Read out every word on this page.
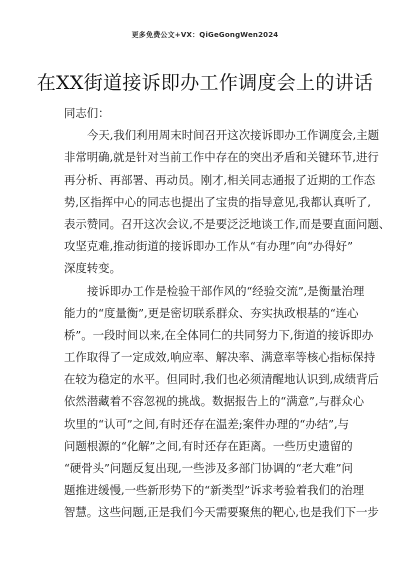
更多免费公文+VX：QiGeGongWen2024
在XX街道接诉即办工作调度会上的讲话
同志们：
今天,我们利用周末时间召开这次接诉即办工作调度会,主题
非常明确,就是针对当前工作中存在的突出矛盾和关键环节,进行
再分析、再部署、再动员。刚才,相关同志通报了近期的工作态
势,区指挥中心的同志也提出了宝贵的指导意见,我都认真听了,
表示赞同。召开这次会议,不是要泛泛地谈工作,而是要直面问题、
攻坚克难,推动街道的接诉即办工作从“有办理”向“办得好”
深度转变。
接诉即办工作是检验干部作风的“经验交流”,是衡量治理
能力的“度量衡”,更是密切联系群众、夯实执政根基的“连心
桥”。一段时间以来,在全体同仁的共同努力下,街道的接诉即办
工作取得了一定成效,响应率、解决率、满意率等核心指标保持
在较为稳定的水平。但同时,我们也必须清醒地认识到,成绩背后
依然潜藏着不容忽视的挑战。数据报告上的“满意”,与群众心
坎里的“认可”之间,有时还存在温差;案件办理的“办结”,与
问题根源的“化解”之间,有时还存在距离。一些历史遗留的
“硬骨头”问题反复出现,一些涉及多部门协调的“老大难”问
题推进缓慢,一些新形势下的“新类型”诉求考验着我们的治理
智慧。这些问题,正是我们今天需要聚焦的靶心,也是我们下一步
